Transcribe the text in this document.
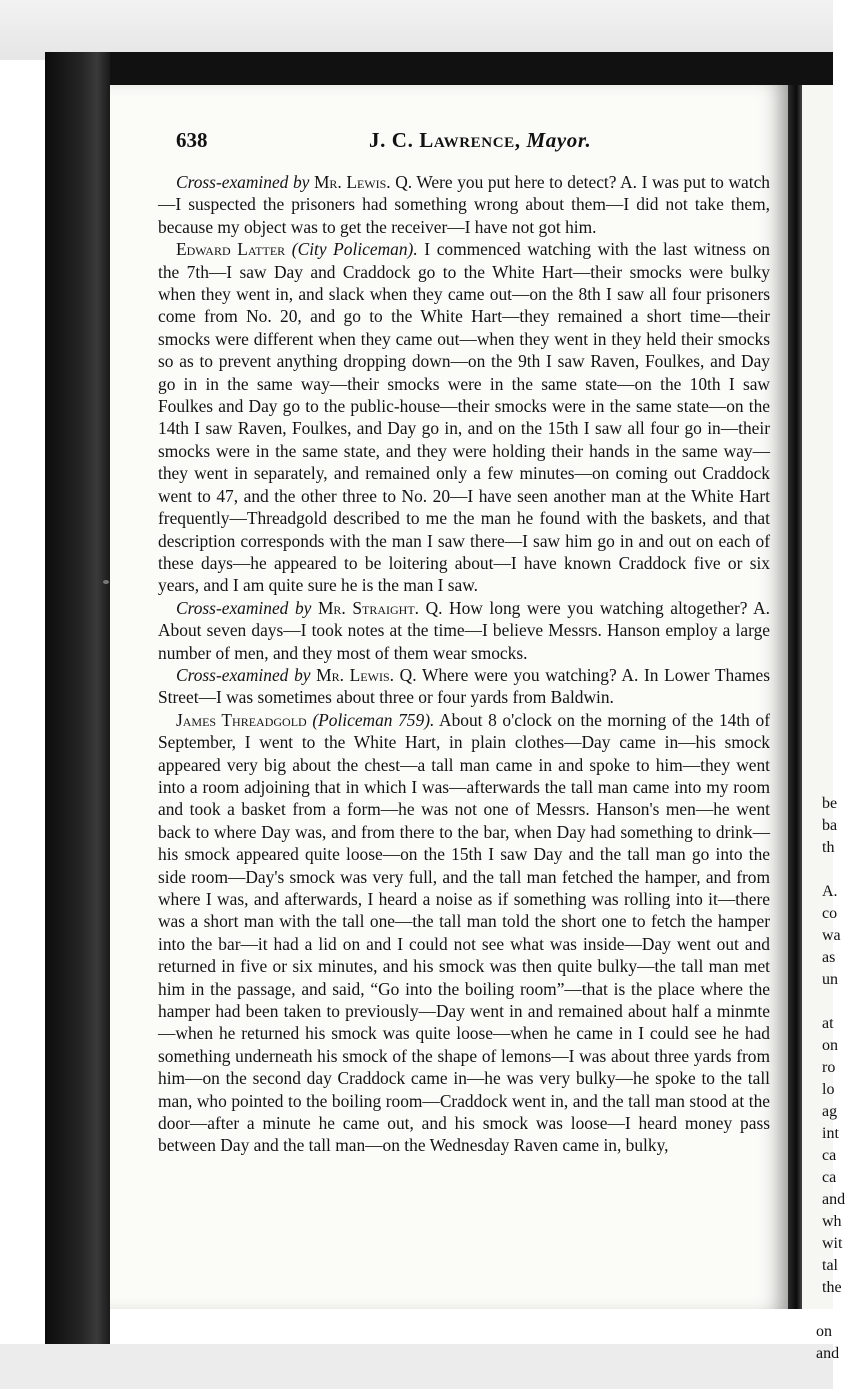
be
ba
th
A.
co
wa
as
un
at
on
ro
lo
ag
int
ca
ca
and
wh
wit
tal
the
on
and
638	J. C. Lawrence, Mayor.

Cross-examined by Mr. Lewis. Q. Were you put here to detect? A. I was put to watch—I suspected the prisoners had something wrong about them—I did not take them, because my object was to get the receiver—I have not got him.

Edward Latter (City Policeman). I commenced watching with the last witness on the 7th—I saw Day and Craddock go to the White Hart—their smocks were bulky when they went in, and slack when they came out—on the 8th I saw all four prisoners come from No. 20, and go to the White Hart—they remained a short time—their smocks were different when they came out—when they went in they held their smocks so as to prevent anything dropping down—on the 9th I saw Raven, Foulkes, and Day go in in the same way—their smocks were in the same state—on the 10th I saw Foulkes and Day go to the public-house—their smocks were in the same state—on the 14th I saw Raven, Foulkes, and Day go in, and on the 15th I saw all four go in—their smocks were in the same state, and they were holding their hands in the same way—they went in separately, and remained only a few minutes—on coming out Craddock went to 47, and the other three to No. 20—I have seen another man at the White Hart frequently—Threadgold described to me the man he found with the baskets, and that description corresponds with the man I saw there—I saw him go in and out on each of these days—he appeared to be loitering about—I have known Craddock five or six years, and I am quite sure he is the man I saw.

Cross-examined by Mr. Straight. Q. How long were you watching altogether? A. About seven days—I took notes at the time—I believe Messrs. Hanson employ a large number of men, and they most of them wear smocks.

Cross-examined by Mr. Lewis. Q. Where were you watching? A. In Lower Thames Street—I was sometimes about three or four yards from Baldwin.

James Threadgold (Policeman 759). About 8 o'clock on the morning of the 14th of September, I went to the White Hart, in plain clothes—Day came in—his smock appeared very big about the chest—a tall man came in and spoke to him—they went into a room adjoining that in which I was—afterwards the tall man came into my room and took a basket from a form—he was not one of Messrs. Hanson's men—he went back to where Day was, and from there to the bar, when Day had something to drink—his smock appeared quite loose—on the 15th I saw Day and the tall man go into the side room—Day's smock was very full, and the tall man fetched the hamper, and from where I was, and afterwards, I heard a noise as if something was rolling into it—there was a short man with the tall one—the tall man told the short one to fetch the hamper into the bar—it had a lid on and I could not see what was inside—Day went out and returned in five or six minutes, and his smock was then quite bulky—the tall man met him in the passage, and said, “Go into the boiling room”—that is the place where the hamper had been taken to previously—Day went in and remained about half a minmte—when he returned his smock was quite loose—when he came in I could see he had something underneath his smock of the shape of lemons—I was about three yards from him—on the second day Craddock came in—he was very bulky—he spoke to the tall man, who pointed to the boiling room—Craddock went in, and the tall man stood at the door—after a minute he came out, and his smock was loose—I heard money pass between Day and the tall man—on the Wednesday Raven came in, bulky,
